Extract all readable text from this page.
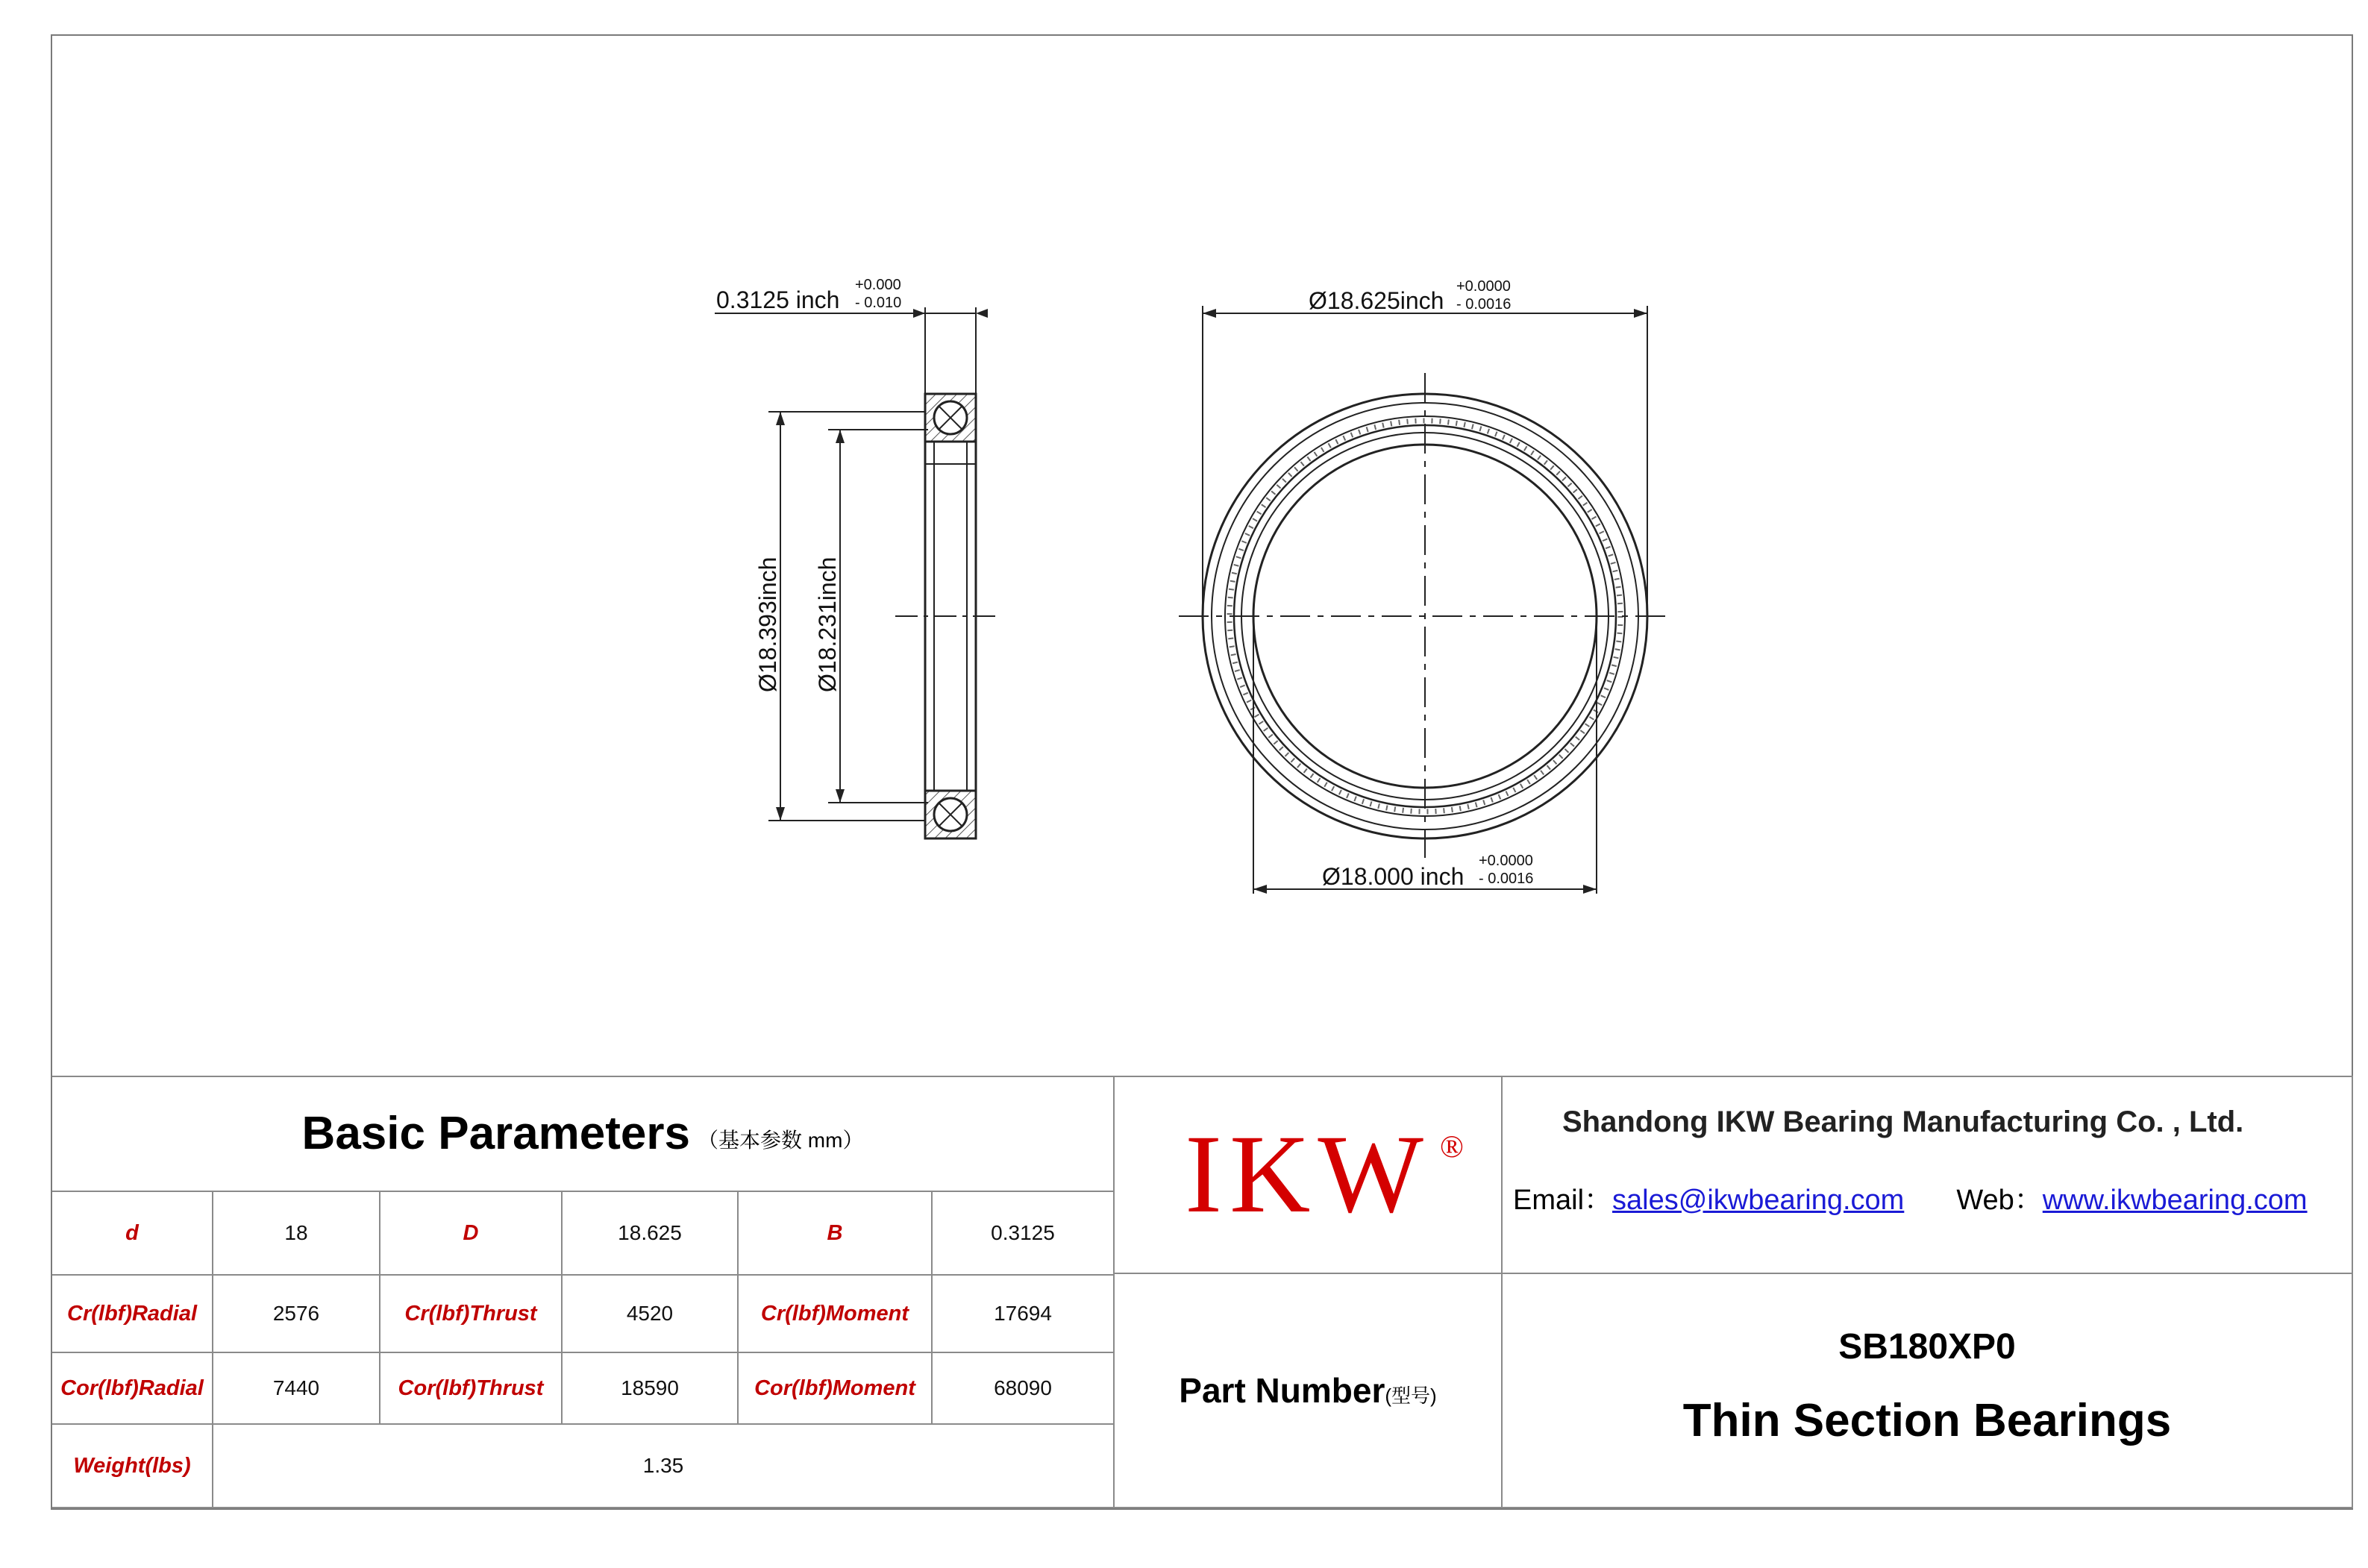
0.3125 inch
+0.000
- 0.010
Ø18.393inch Ø18.231inch
Ø18.625inch
+0.0000
- 0.0016
Ø18.000 inch
+0.0000
- 0.0016
Basic Parameters （基本参数 mm）
d	18	D	18.625	B	0.3125
Cr(lbf)Radial	2576	Cr(lbf)Thrust	4520	Cr(lbf)Moment	17694
Cor(lbf)Radial	7440	Cor(lbf)Thrust	18590	Cor(lbf)Moment	68090
Weight(lbs)	1.35
IKW ®
Part Number(型号)
Shandong IKW Bearing Manufacturing Co. , Ltd.
Email：sales@ikwbearing.com Web：www.ikwbearing.com
SB180XP0
Thin Section Bearings
